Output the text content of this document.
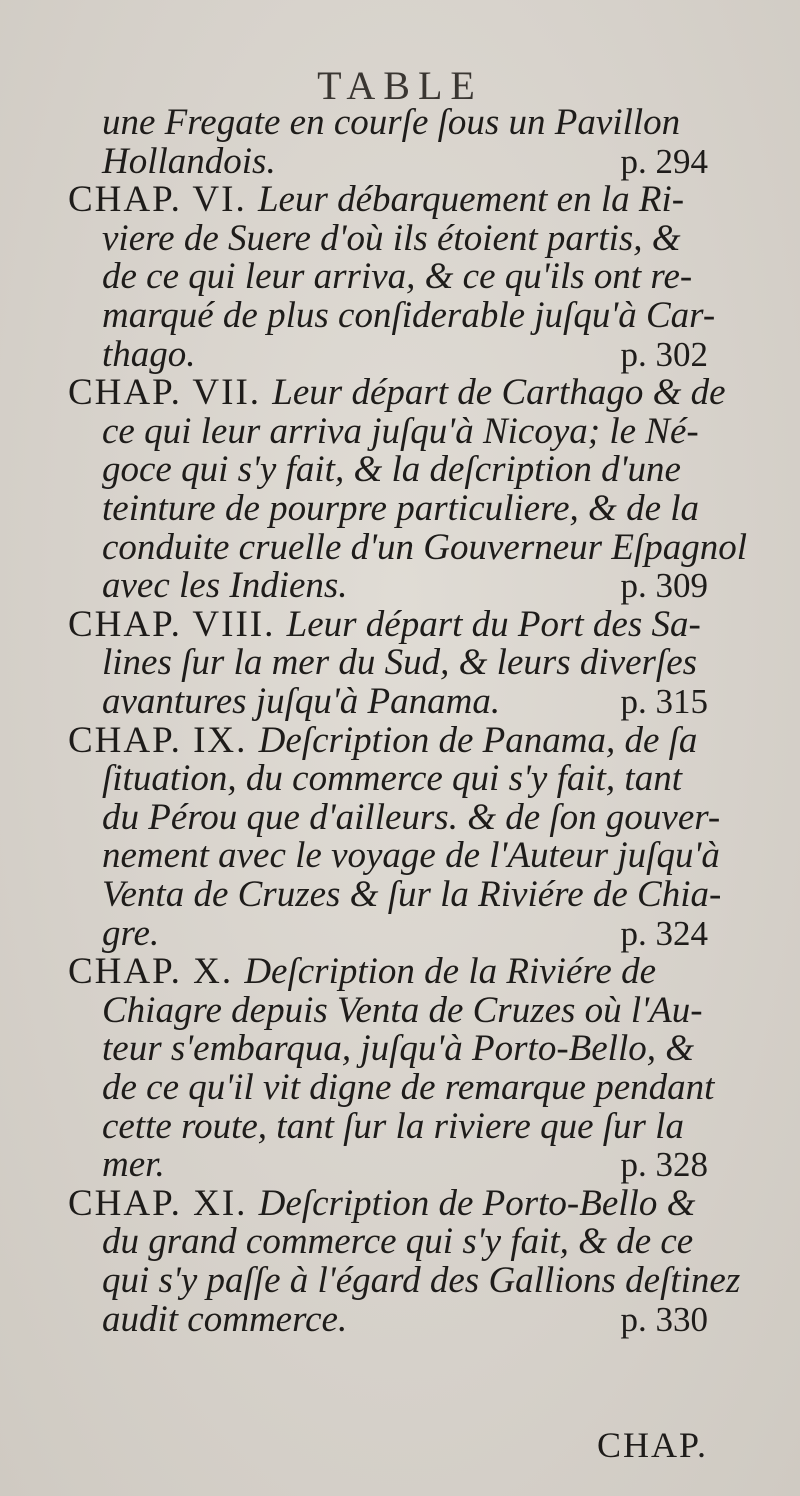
TABLE
une Fregate en courſe ſous un Pavillon
Hollandois.	p. 294
CHAP. VI. Leur débarquement en la Ri-
viere de Suere d'où ils étoient partis, &
de ce qui leur arriva, & ce qu'ils ont re-
marqué de plus conſiderable juſqu'à Car-
thago.	p. 302
CHAP. VII. Leur départ de Carthago & de
ce qui leur arriva juſqu'à Nicoya; le Né-
goce qui s'y fait, & la deſcription d'une
teinture de pourpre particuliere, & de la
conduite cruelle d'un Gouverneur Eſpagnol
avec les Indiens.	p. 309
CHAP. VIII. Leur départ du Port des Sa-
lines ſur la mer du Sud, & leurs diverſes
avantures juſqu'à Panama.	p. 315
CHAP. IX. Deſcription de Panama, de ſa
ſituation, du commerce qui s'y fait, tant
du Pérou que d'ailleurs. & de ſon gouver-
nement avec le voyage de l'Auteur juſqu'à
Venta de Cruzes & ſur la Riviére de Chia-
gre.	p. 324
CHAP. X. Deſcription de la Riviére de
Chiagre depuis Venta de Cruzes où l'Au-
teur s'embarqua, juſqu'à Porto-Bello, &
de ce qu'il vit digne de remarque pendant
cette route, tant ſur la riviere que ſur la
mer.	p. 328
CHAP. XI. Deſcription de Porto-Bello &
du grand commerce qui s'y fait, & de ce
qui s'y paſſe à l'égard des Gallions deſtinez
audit commerce.	p. 330
CHAP.
